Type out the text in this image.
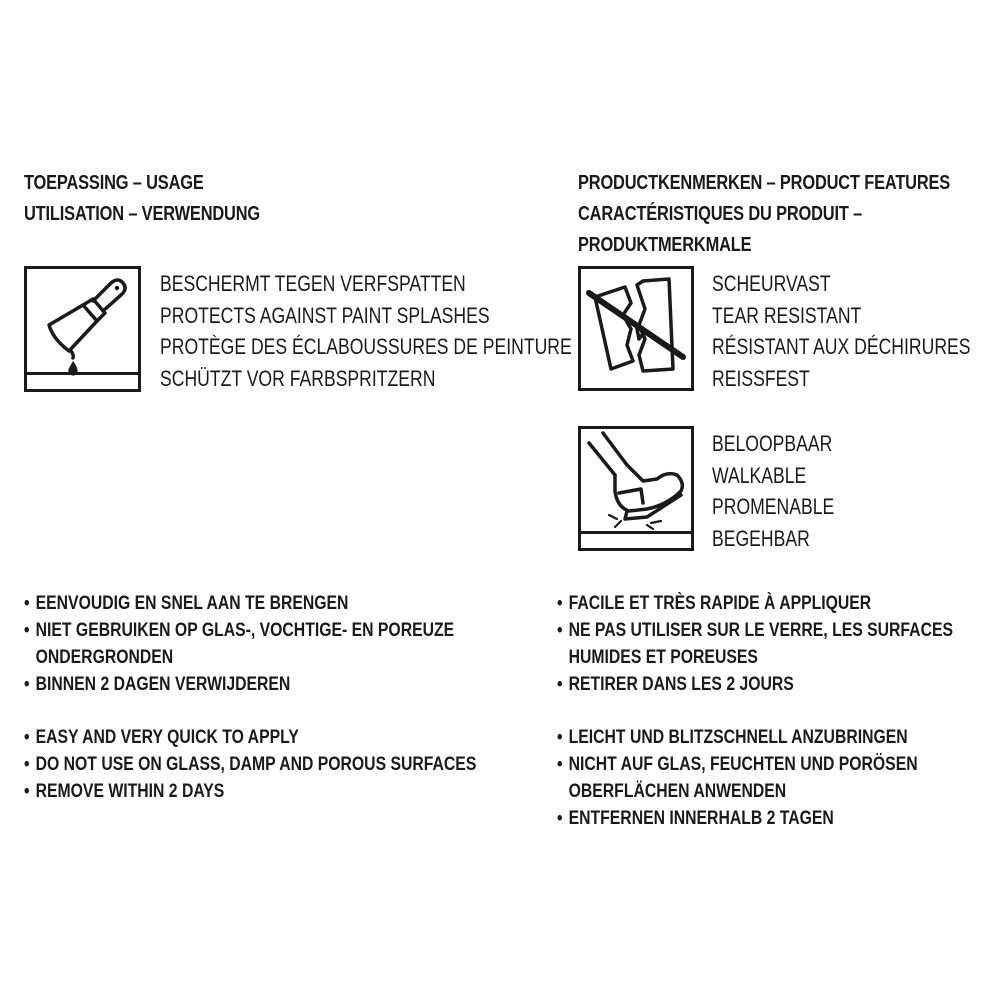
TOEPASSING – USAGE
UTILISATION – VERWENDUNG
BESCHERMT TEGEN VERFSPATTEN
PROTECTS AGAINST PAINT SPLASHES
PROTÈGE DES ÉCLABOUSSURES DE PEINTURE
SCHÜTZT VOR FARBSPRITZERN
PRODUCTKENMERKEN – PRODUCT FEATURES
CARACTÉRISTIQUES DU PRODUIT –
PRODUKTMERKMALE
SCHEURVAST
TEAR RESISTANT
RÉSISTANT AUX DÉCHIRURES
REISSFEST
BELOOPBAAR
WALKABLE
PROMENABLE
BEGEHBAR
• EENVOUDIG EN SNEL AAN TE BRENGEN
• NIET GEBRUIKEN OP GLAS-, VOCHTIGE- EN POREUZE
ONDERGRONDEN
• BINNEN 2 DAGEN VERWIJDEREN
• EASY AND VERY QUICK TO APPLY
• DO NOT USE ON GLASS, DAMP AND POROUS SURFACES
• REMOVE WITHIN 2 DAYS
• FACILE ET TRÈS RAPIDE À APPLIQUER
• NE PAS UTILISER SUR LE VERRE, LES SURFACES
HUMIDES ET POREUSES
• RETIRER DANS LES 2 JOURS
• LEICHT UND BLITZSCHNELL ANZUBRINGEN
• NICHT AUF GLAS, FEUCHTEN UND PORÖSEN
OBERFLÄCHEN ANWENDEN
• ENTFERNEN INNERHALB 2 TAGEN
